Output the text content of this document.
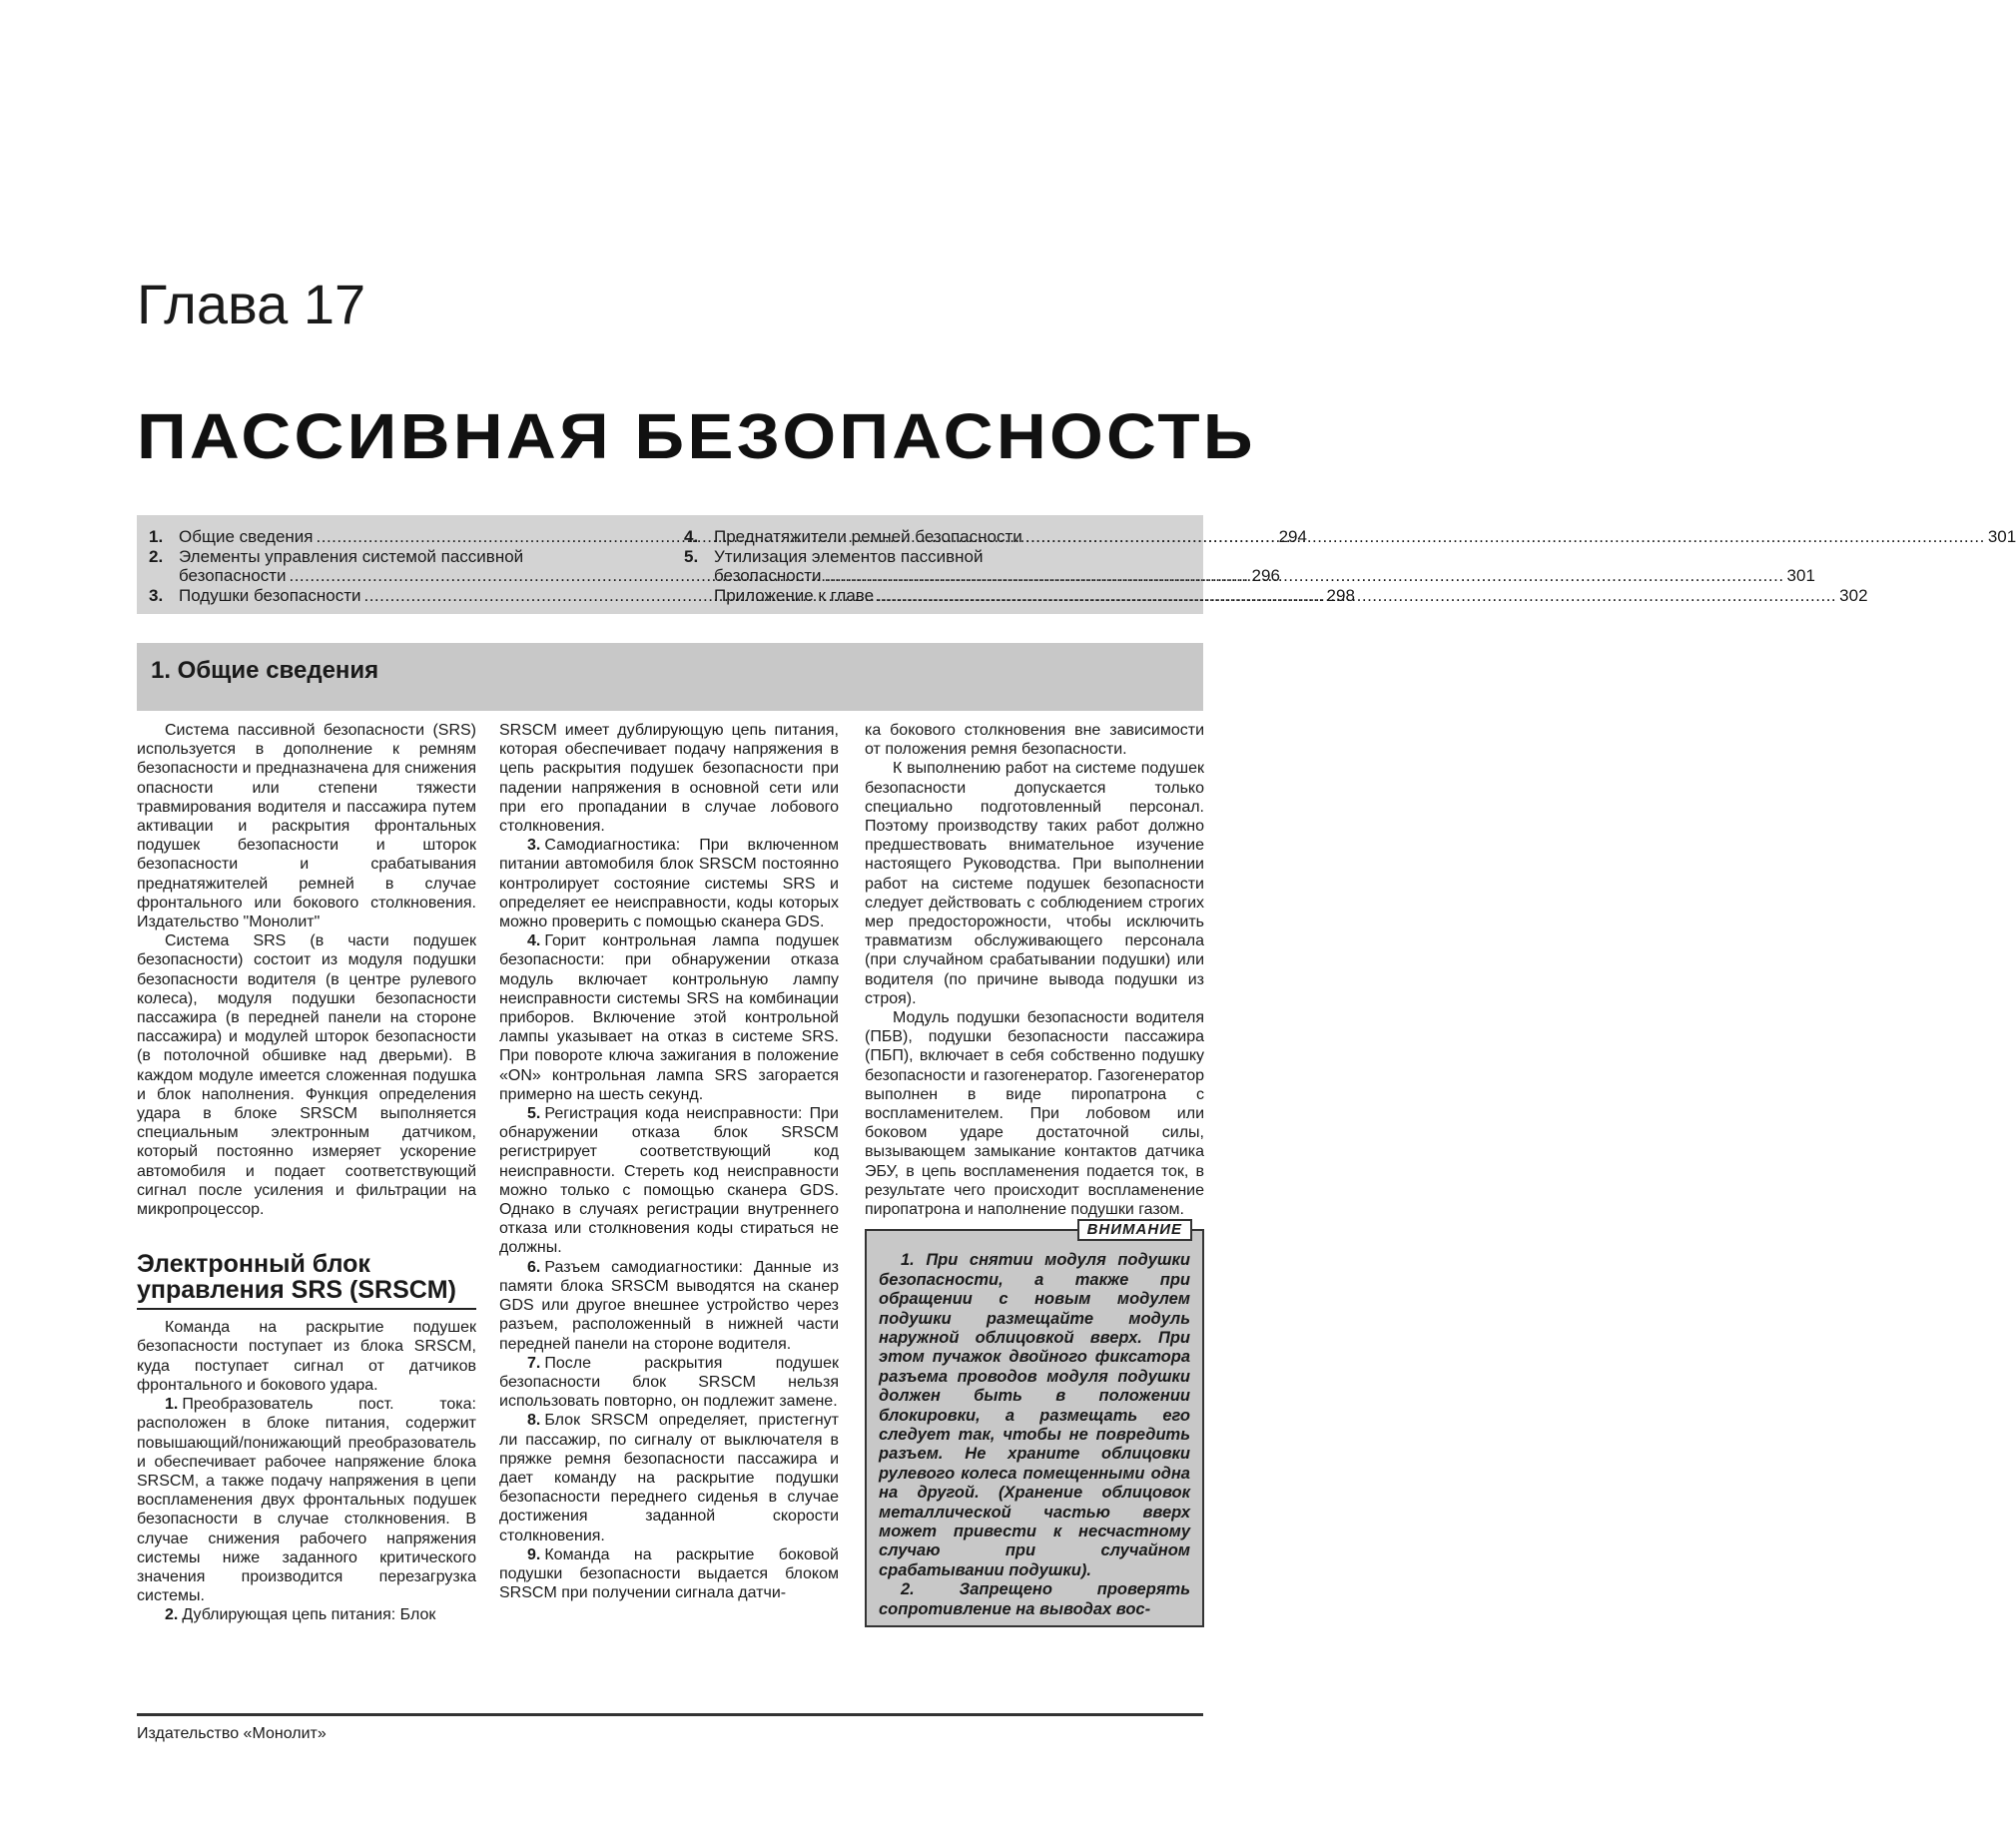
Глава 17
ПАССИВНАЯ БЕЗОПАСНОСТЬ
1. Общие сведения .....	294
2. Элементы управления системой пассивной
безопасности .....	296
3. Подушки безопасности .....	298
4. Преднатяжители ремней безопасности .....	301
5. Утилизация элементов пассивной
безопасности .....	301
Приложение к главе .....	302
1. Общие сведения

Система пассивной безопасности (SRS) используется в дополнение к ремням безопасности и предназначена для снижения опасности или степени тяжести травмирования водителя и пассажира путем активации и раскрытия фронтальных подушек безопасности и шторок безопасности и срабатывания преднатяжителей ремней в случае фронтального или бокового столкновения. Издательство "Монолит"

Система SRS (в части подушек безопасности) состоит из модуля подушки безопасности водителя (в центре рулевого колеса), модуля подушки безопасности пассажира (в передней панели на стороне пассажира) и модулей шторок безопасности (в потолочной обшивке над дверьми). В каждом модуле имеется сложенная подушка и блок наполнения. Функция определения удара в блоке SRSCM выполняется специальным электронным датчиком, который постоянно измеряет ускорение автомобиля и подает соответствующий сигнал после усиления и фильтрации на микропроцессор.

Электронный блок управления SRS (SRSCM)

Команда на раскрытие подушек безопасности поступает из блока SRSCM, куда поступает сигнал от датчиков фронтального и бокового удара.

1. Преобразователь пост. тока: расположен в блоке питания, содержит повышающий/понижающий преобразователь и обеспечивает рабочее напряжение блока SRSCM, а также подачу напряжения в цепи воспламенения двух фронтальных подушек безопасности в случае столкновения. В случае снижения рабочего напряжения системы ниже заданного критического значения производится перезагрузка системы.

2. Дублирующая цепь питания: Блок

SRSCM имеет дублирующую цепь питания, которая обеспечивает подачу напряжения в цепь раскрытия подушек безопасности при падении напряжения в основной сети или при его пропадании в случае лобового столкновения.

3. Самодиагностика: При включенном питании автомобиля блок SRSCM постоянно контролирует состояние системы SRS и определяет ее неисправности, коды которых можно проверить с помощью сканера GDS.

4. Горит контрольная лампа подушек безопасности: при обнаружении отказа модуль включает контрольную лампу неисправности системы SRS на комбинации приборов. Включение этой контрольной лампы указывает на отказ в системе SRS. При повороте ключа зажигания в положение «ON» контрольная лампа SRS загорается примерно на шесть секунд.

5. Регистрация кода неисправности: При обнаружении отказа блок SRSCM регистрирует соответствующий код неисправности. Стереть код неисправности можно только с помощью сканера GDS. Однако в случаях регистрации внутреннего отказа или столкновения коды стираться не должны.

6. Разъем самодиагностики: Данные из памяти блока SRSCM выводятся на сканер GDS или другое внешнее устройство через разъем, расположенный в нижней части передней панели на стороне водителя.

7. После раскрытия подушек безопасности блок SRSCM нельзя использовать повторно, он подлежит замене.

8. Блок SRSCM определяет, пристегнут ли пассажир, по сигналу от выключателя в пряжке ремня безопасности пассажира и дает команду на раскрытие подушки безопасности переднего сиденья в случае достижения заданной скорости столкновения.

9. Команда на раскрытие боковой подушки безопасности выдается блоком SRSCM при получении сигнала датчи-

ка бокового столкновения вне зависимости от положения ремня безопасности.

К выполнению работ на системе подушек безопасности допускается только специально подготовленный персонал. Поэтому производству таких работ должно предшествовать внимательное изучение настоящего Руководства. При выполнении работ на системе подушек безопасности следует действовать с соблюдением строгих мер предосторожности, чтобы исключить травматизм обслуживающего персонала (при случайном срабатывании подушки) или водителя (по причине вывода подушки из строя).

Модуль подушки безопасности водителя (ПБВ), подушки безопасности пассажира (ПБП), включает в себя собственно подушку безопасности и газогенератор. Газогенератор выполнен в виде пиропатрона с воспламенителем. При лобовом или боковом ударе достаточной силы, вызывающем замыкание контактов датчика ЭБУ, в цепь воспламенения подается ток, в результате чего происходит воспламенение пиропатрона и наполнение подушки газом.

ВНИМАНИЕ

1. При снятии модуля подушки безопасности, а также при обращении с новым модулем подушки размещайте модуль наружной облицовкой вверх. При этом пучажок двойного фиксатора разъема проводов модуля подушки должен быть в положении блокировки, а размещать его следует так, чтобы не повредить разъем. Не храните облицовки рулевого колеса помещенными одна на другой. (Хранение облицовок металлической частью вверх может привести к несчастному случаю при случайном срабатывании подушки).

2. Запрещено проверять сопротивление на выводах вос-

Издательство «Монолит»
